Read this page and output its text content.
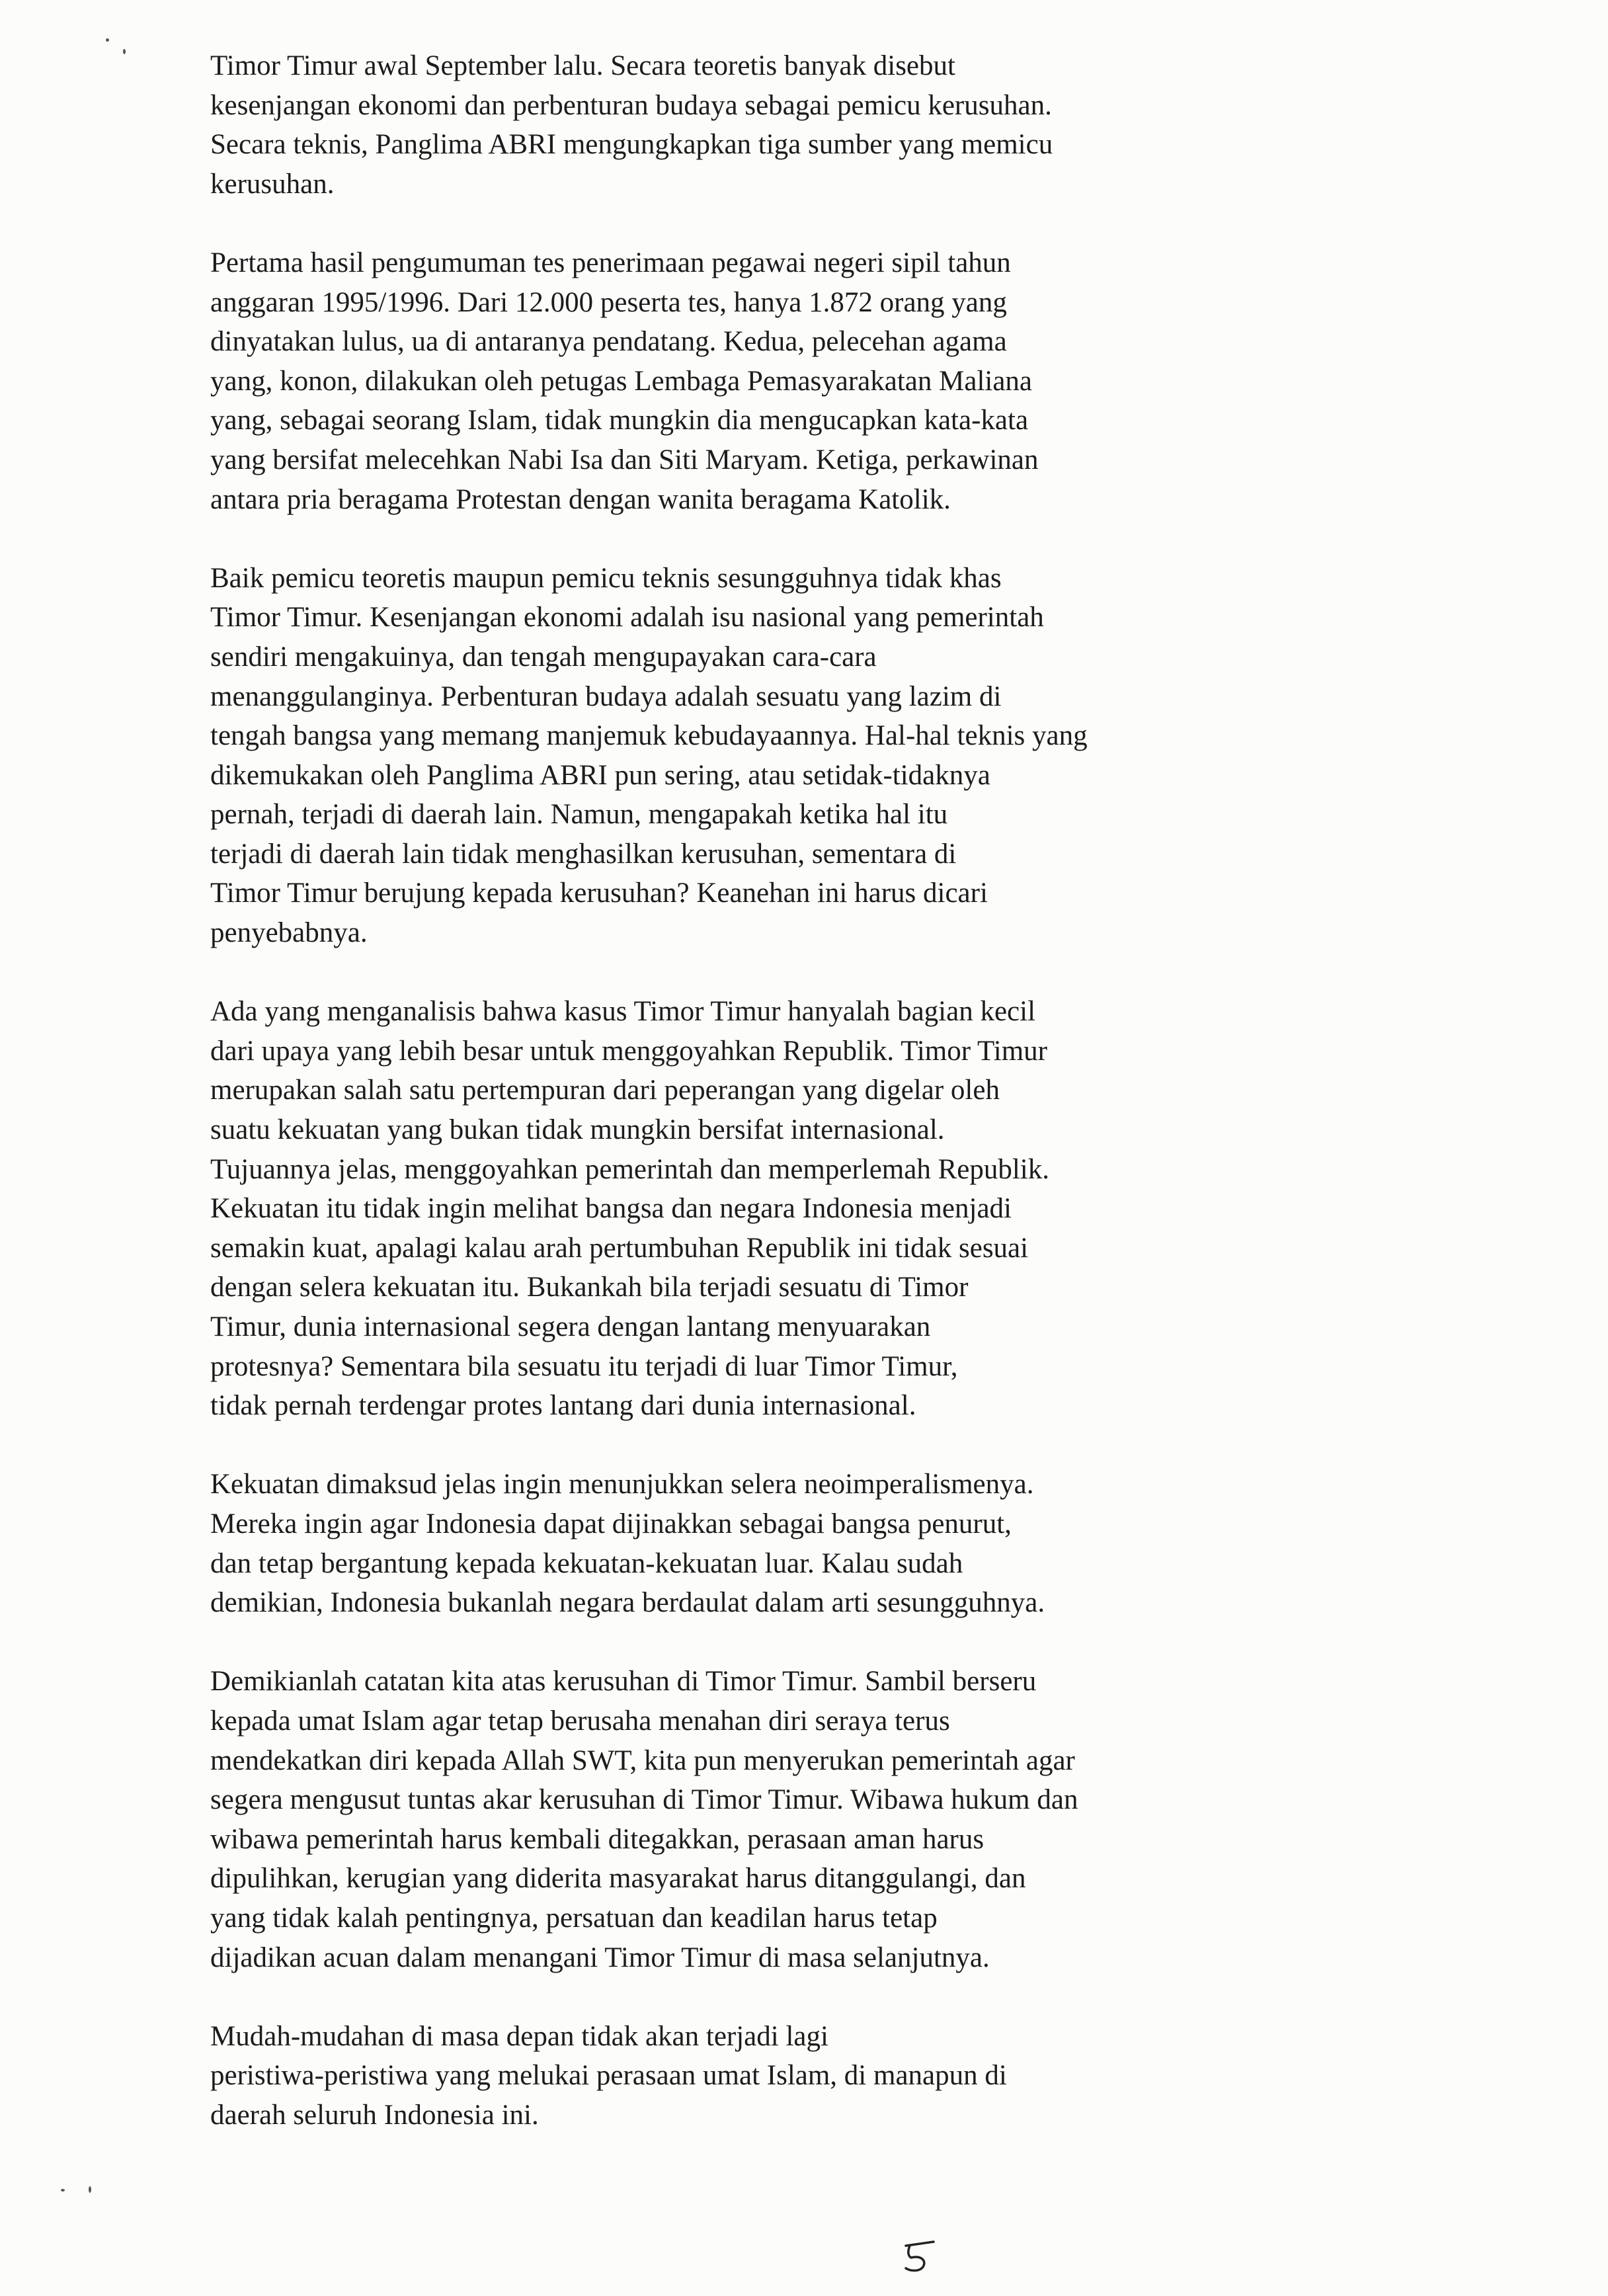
Timor Timur awal September lalu. Secara teoretis banyak disebut
kesenjangan ekonomi dan perbenturan budaya sebagai pemicu kerusuhan.
Secara teknis, Panglima ABRI mengungkapkan tiga sumber yang memicu
kerusuhan.

Pertama hasil pengumuman tes penerimaan pegawai negeri sipil tahun
anggaran 1995/1996. Dari 12.000 peserta tes, hanya 1.872 orang yang
dinyatakan lulus, ua di antaranya pendatang. Kedua, pelecehan agama
yang, konon, dilakukan oleh petugas Lembaga Pemasyarakatan Maliana
yang, sebagai seorang Islam, tidak mungkin dia mengucapkan kata-kata
yang bersifat melecehkan Nabi Isa dan Siti Maryam. Ketiga, perkawinan
antara pria beragama Protestan dengan wanita beragama Katolik.

Baik pemicu teoretis maupun pemicu teknis sesungguhnya tidak khas
Timor Timur. Kesenjangan ekonomi adalah isu nasional yang pemerintah
sendiri mengakuinya, dan tengah mengupayakan cara-cara
menanggulanginya. Perbenturan budaya adalah sesuatu yang lazim di
tengah bangsa yang memang manjemuk kebudayaannya. Hal-hal teknis yang
dikemukakan oleh Panglima ABRI pun sering, atau setidak-tidaknya
pernah, terjadi di daerah lain. Namun, mengapakah ketika hal itu
terjadi di daerah lain tidak menghasilkan kerusuhan, sementara di
Timor Timur berujung kepada kerusuhan? Keanehan ini harus dicari
penyebabnya.

Ada yang menganalisis bahwa kasus Timor Timur hanyalah bagian kecil
dari upaya yang lebih besar untuk menggoyahkan Republik. Timor Timur
merupakan salah satu pertempuran dari peperangan yang digelar oleh
suatu kekuatan yang bukan tidak mungkin bersifat internasional.
Tujuannya jelas, menggoyahkan pemerintah dan memperlemah Republik.
Kekuatan itu tidak ingin melihat bangsa dan negara Indonesia menjadi
semakin kuat, apalagi kalau arah pertumbuhan Republik ini tidak sesuai
dengan selera kekuatan itu. Bukankah bila terjadi sesuatu di Timor
Timur, dunia internasional segera dengan lantang menyuarakan
protesnya? Sementara bila sesuatu itu terjadi di luar Timor Timur,
tidak pernah terdengar protes lantang dari dunia internasional.

Kekuatan dimaksud jelas ingin menunjukkan selera neoimperalismenya.
Mereka ingin agar Indonesia dapat dijinakkan sebagai bangsa penurut,
dan tetap bergantung kepada kekuatan-kekuatan luar. Kalau sudah
demikian, Indonesia bukanlah negara berdaulat dalam arti sesungguhnya.

Demikianlah catatan kita atas kerusuhan di Timor Timur. Sambil berseru
kepada umat Islam agar tetap berusaha menahan diri seraya terus
mendekatkan diri kepada Allah SWT, kita pun menyerukan pemerintah agar
segera mengusut tuntas akar kerusuhan di Timor Timur. Wibawa hukum dan
wibawa pemerintah harus kembali ditegakkan, perasaan aman harus
dipulihkan, kerugian yang diderita masyarakat harus ditanggulangi, dan
yang tidak kalah pentingnya, persatuan dan keadilan harus tetap
dijadikan acuan dalam menangani Timor Timur di masa selanjutnya.

Mudah-mudahan di masa depan tidak akan terjadi lagi
peristiwa-peristiwa yang melukai perasaan umat Islam, di manapun di
daerah seluruh Indonesia ini.
